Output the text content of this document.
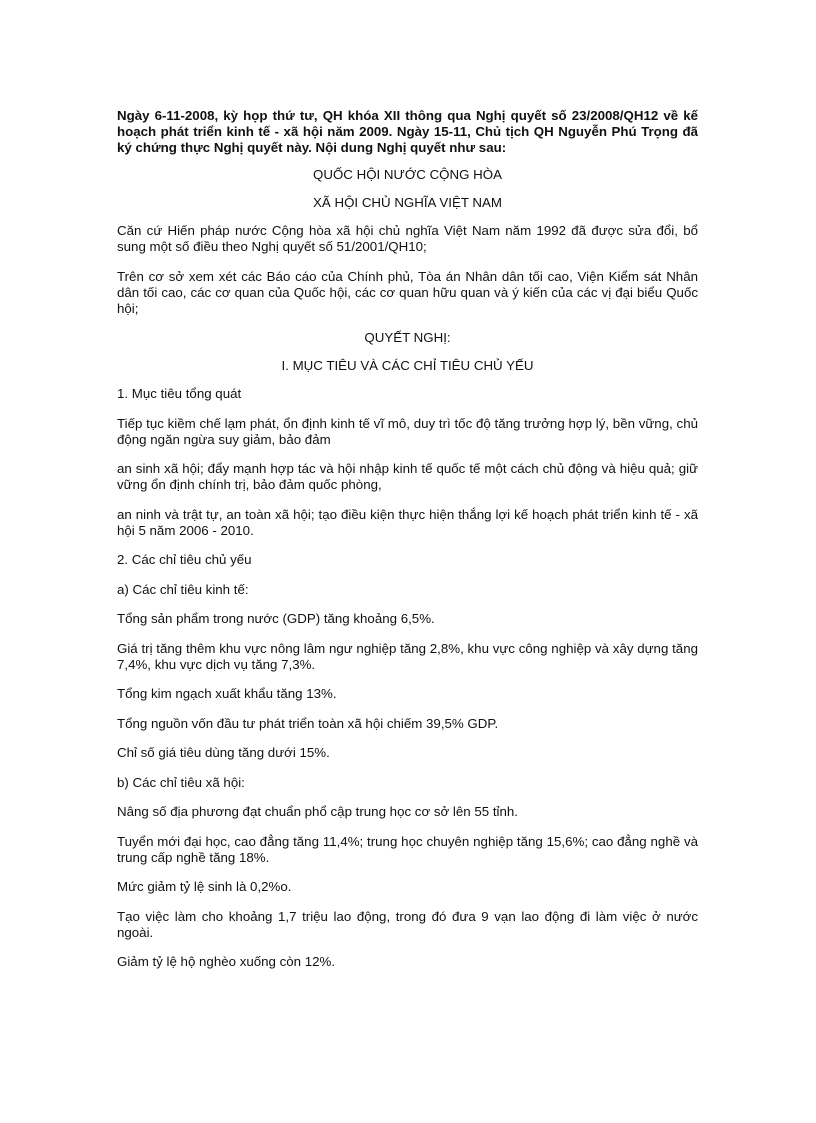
Ngày 6-11-2008, kỳ họp thứ tư, QH khóa XII thông qua Nghị quyết số 23/2008/QH12 về kế hoạch phát triển kinh tế - xã hội năm 2009. Ngày 15-11, Chủ tịch QH Nguyễn Phú Trọng đã ký chứng thực Nghị quyết này. Nội dung Nghị quyết như sau:

QUỐC HỘI NƯỚC CỘNG HÒA

XÃ HỘI CHỦ NGHĨA VIỆT NAM

Căn cứ Hiến pháp nước Cộng hòa xã hội chủ nghĩa Việt Nam năm 1992 đã được sửa đổi, bổ sung một số điều theo Nghị quyết số 51/2001/QH10;

Trên cơ sở xem xét các Báo cáo của Chính phủ, Tòa án Nhân dân tối cao, Viện Kiểm sát Nhân dân tối cao, các cơ quan của Quốc hội, các cơ quan hữu quan và ý kiến của các vị đại biểu Quốc hội;

QUYẾT NGHỊ:

I. MỤC TIÊU VÀ CÁC CHỈ TIÊU CHỦ YẾU

1. Mục tiêu tổng quát

Tiếp tục kiềm chế lạm phát, ổn định kinh tế vĩ mô, duy trì tốc độ tăng trưởng hợp lý, bền vững, chủ động ngăn ngừa suy giảm, bảo đảm

an sinh xã hội; đẩy mạnh hợp tác và hội nhập kinh tế quốc tế một cách chủ động và hiệu quả; giữ vững ổn định chính trị, bảo đảm quốc phòng,

an ninh và trật tự, an toàn xã hội; tạo điều kiện thực hiện thắng lợi kế hoạch phát triển kinh tế - xã hội 5 năm 2006 - 2010.

2. Các chỉ tiêu chủ yếu

a) Các chỉ tiêu kinh tế:

Tổng sản phẩm trong nước (GDP) tăng khoảng 6,5%.

Giá trị tăng thêm khu vực nông lâm ngư nghiệp tăng 2,8%, khu vực công nghiệp và xây dựng tăng 7,4%, khu vực dịch vụ tăng 7,3%.

Tổng kim ngạch xuất khẩu tăng 13%.

Tổng nguồn vốn đầu tư phát triển toàn xã hội chiếm 39,5% GDP.

Chỉ số giá tiêu dùng tăng dưới 15%.

b) Các chỉ tiêu xã hội:

Nâng số địa phương đạt chuẩn phổ cập trung học cơ sở lên 55 tỉnh.

Tuyển mới đại học, cao đẳng tăng 11,4%; trung học chuyên nghiệp tăng 15,6%; cao đẳng nghề và trung cấp nghề tăng 18%.

Mức giảm tỷ lệ sinh là 0,2%o.

Tạo việc làm cho khoảng 1,7 triệu lao động, trong đó đưa 9 vạn lao động đi làm việc ở nước ngoài.

Giảm tỷ lệ hộ nghèo xuống còn 12%.
